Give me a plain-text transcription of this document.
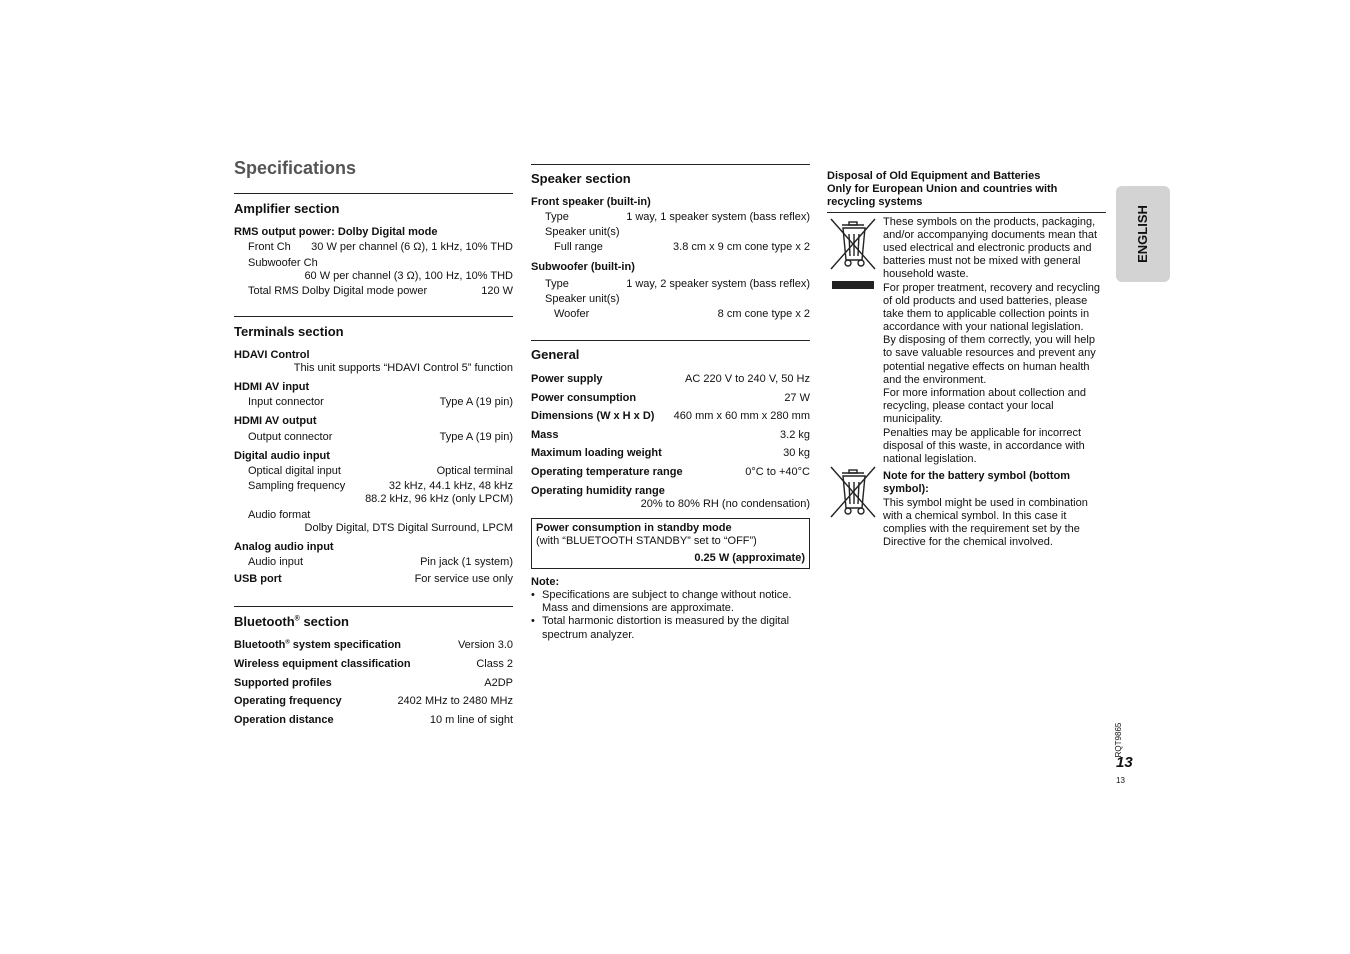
Specifications
Amplifier section
RMS output power: Dolby Digital mode
Front Ch 30 W per channel (6 Ω), 1 kHz, 10% THD
Subwoofer Ch
60 W per channel (3 Ω), 100 Hz, 10% THD
Total RMS Dolby Digital mode power	120 W
Terminals section
HDAVI Control
This unit supports “HDAVI Control 5” function
HDMI AV input
Input connector	Type A (19 pin)
HDMI AV output
Output connector	Type A (19 pin)
Digital audio input
Optical digital input	Optical terminal
Sampling frequency	32 kHz, 44.1 kHz, 48 kHz
88.2 kHz, 96 kHz (only LPCM)
Audio format
Dolby Digital, DTS Digital Surround, LPCM
Analog audio input
Audio input	Pin jack (1 system)
USB port	For service use only
Bluetooth® section
Bluetooth® system specification	Version 3.0
Wireless equipment classification	Class 2
Supported profiles	A2DP
Operating frequency	2402 MHz to 2480 MHz
Operation distance	10 m line of sight
Speaker section
Front speaker (built-in)
Type	1 way, 1 speaker system (bass reflex)
Speaker unit(s)
Full range	3.8 cm x 9 cm cone type x 2
Subwoofer (built-in)
Type	1 way, 2 speaker system (bass reflex)
Speaker unit(s)
Woofer	8 cm cone type x 2
General
Power supply	AC 220 V to 240 V, 50 Hz
Power consumption	27 W
Dimensions (W x H x D) 460 mm x 60 mm x 280 mm
Mass	3.2 kg
Maximum loading weight	30 kg
Operating temperature range	0°C to +40°C
Operating humidity range
20% to 80% RH (no condensation)
Power consumption in standby mode
(with “BLUETOOTH STANDBY” set to “OFF”)
0.25 W (approximate)
Note:
• Specifications are subject to change without notice. Mass and dimensions are approximate.
• Total harmonic distortion is measured by the digital spectrum analyzer.
Disposal of Old Equipment and Batteries
Only for European Union and countries with recycling systems
These symbols on the products, packaging, and/or accompanying documents mean that used electrical and electronic products and batteries must not be mixed with general household waste.
For proper treatment, recovery and recycling of old products and used batteries, please take them to applicable collection points in accordance with your national legislation.
By disposing of them correctly, you will help to save valuable resources and prevent any potential negative effects on human health and the environment.
For more information about collection and recycling, please contact your local municipality.
Penalties may be applicable for incorrect disposal of this waste, in accordance with national legislation.
Note for the battery symbol (bottom symbol):
This symbol might be used in combination with a chemical symbol. In this case it complies with the requirement set by the Directive for the chemical involved.
ENGLISH
RQT9865
13
13
